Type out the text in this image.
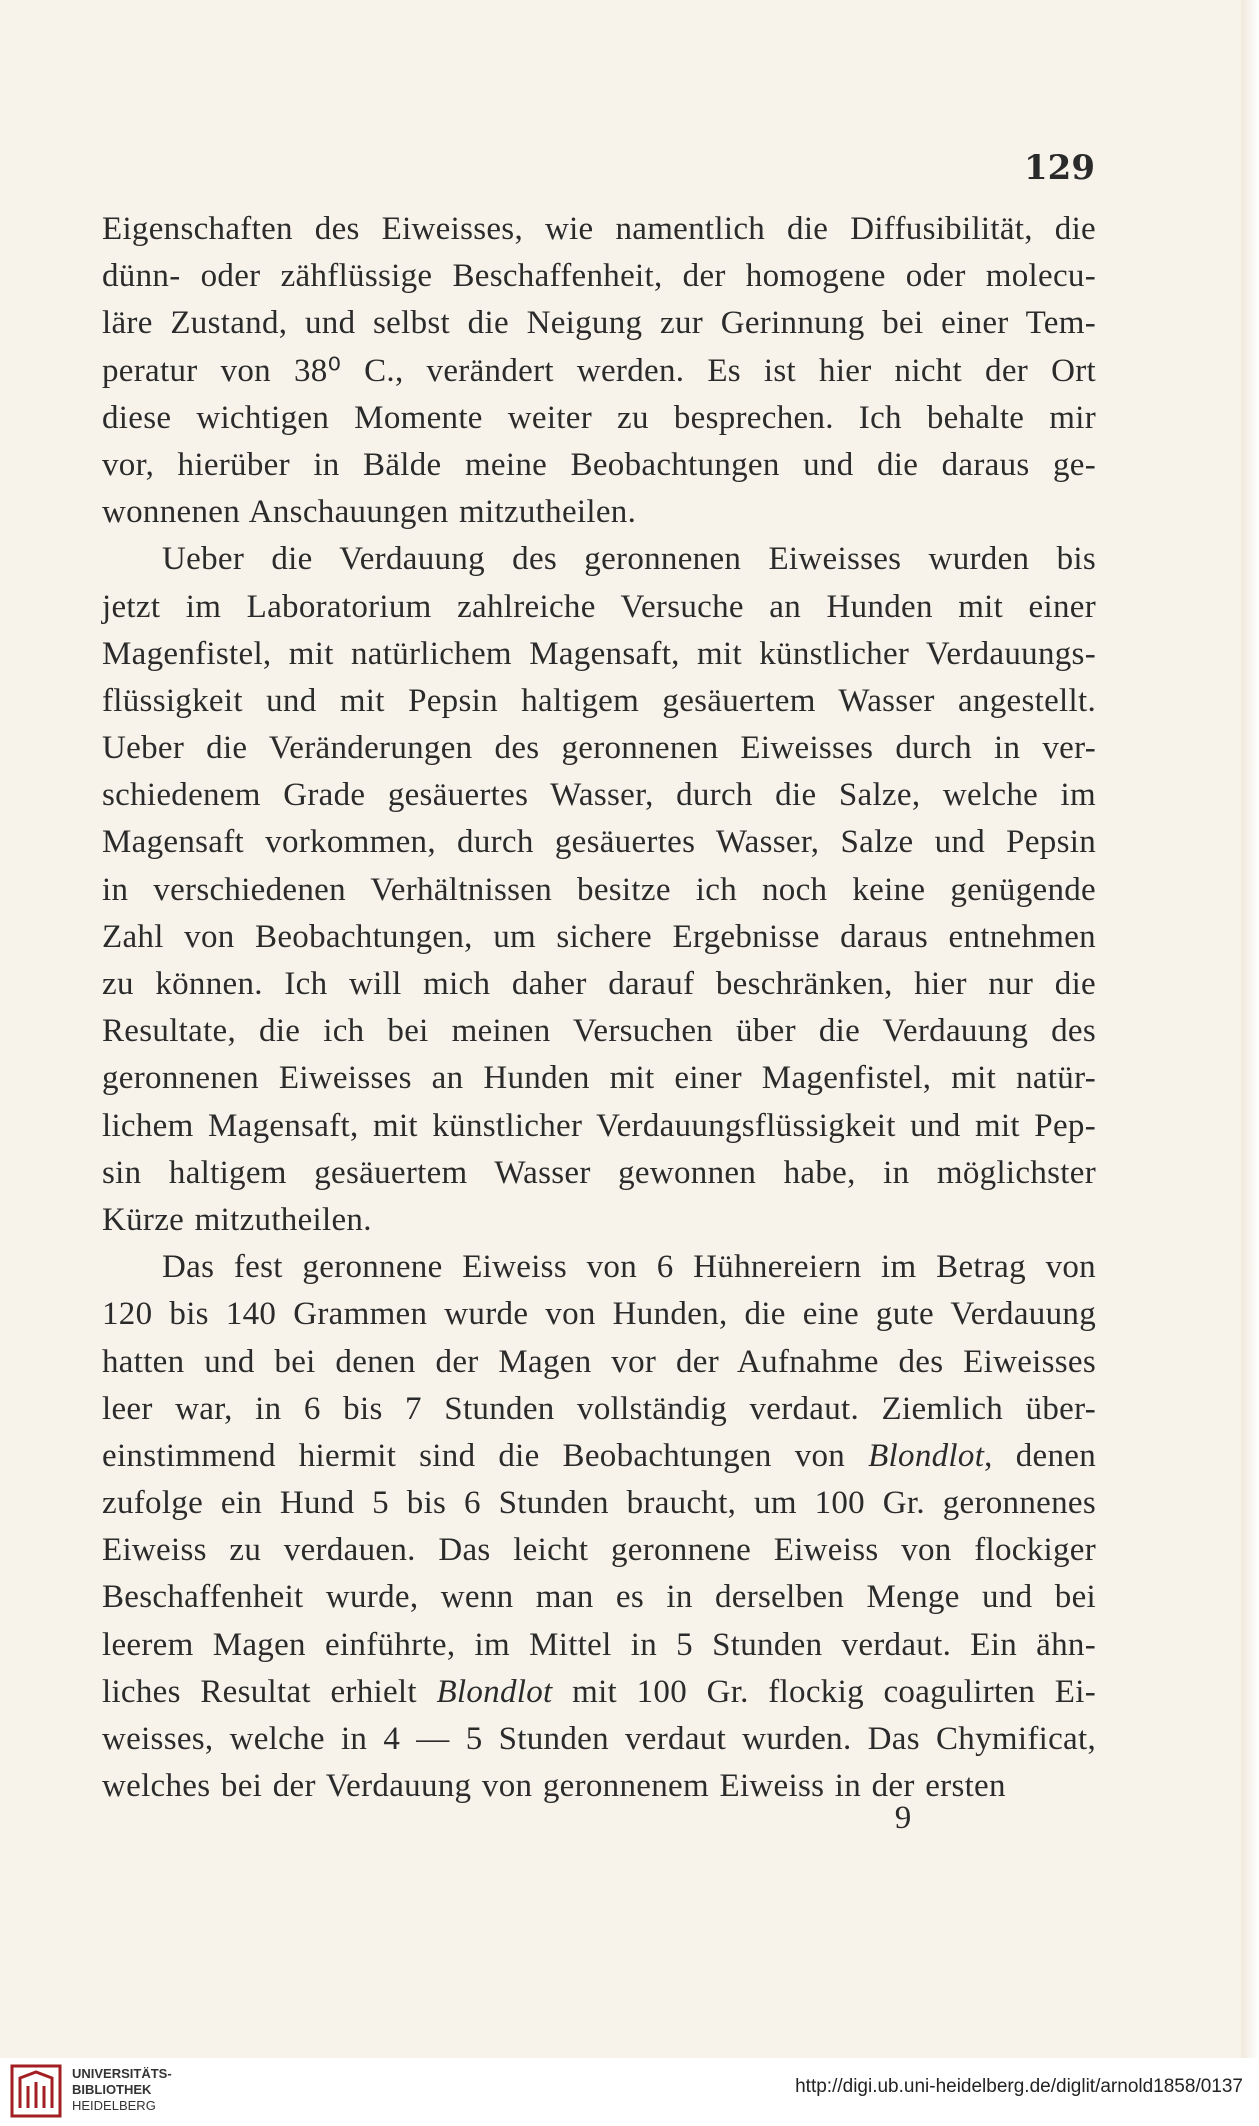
129
Eigenschaften des Eiweisses, wie namentlich die Diffusibilität, die
dünn- oder zähflüssige Beschaffenheit, der homogene oder molecu-
läre Zustand, und selbst die Neigung zur Gerinnung bei einer Tem-
peratur von 38⁰ C., verändert werden. Es ist hier nicht der Ort
diese wichtigen Momente weiter zu besprechen. Ich behalte mir
vor, hierüber in Bälde meine Beobachtungen und die daraus ge-
wonnenen Anschauungen mitzutheilen.
Ueber die Verdauung des geronnenen Eiweisses wurden bis
jetzt im Laboratorium zahlreiche Versuche an Hunden mit einer
Magenfistel, mit natürlichem Magensaft, mit künstlicher Verdauungs-
flüssigkeit und mit Pepsin haltigem gesäuertem Wasser angestellt.
Ueber die Veränderungen des geronnenen Eiweisses durch in ver-
schiedenem Grade gesäuertes Wasser, durch die Salze, welche im
Magensaft vorkommen, durch gesäuertes Wasser, Salze und Pepsin
in verschiedenen Verhältnissen besitze ich noch keine genügende
Zahl von Beobachtungen, um sichere Ergebnisse daraus entnehmen
zu können. Ich will mich daher darauf beschränken, hier nur die
Resultate, die ich bei meinen Versuchen über die Verdauung des
geronnenen Eiweisses an Hunden mit einer Magenfistel, mit natür-
lichem Magensaft, mit künstlicher Verdauungsflüssigkeit und mit Pep-
sin haltigem gesäuertem Wasser gewonnen habe, in möglichster
Kürze mitzutheilen.
Das fest geronnene Eiweiss von 6 Hühnereiern im Betrag von
120 bis 140 Grammen wurde von Hunden, die eine gute Verdauung
hatten und bei denen der Magen vor der Aufnahme des Eiweisses
leer war, in 6 bis 7 Stunden vollständig verdaut. Ziemlich über-
einstimmend hiermit sind die Beobachtungen von Blondlot, denen
zufolge ein Hund 5 bis 6 Stunden braucht, um 100 Gr. geronnenes
Eiweiss zu verdauen. Das leicht geronnene Eiweiss von flockiger
Beschaffenheit wurde, wenn man es in derselben Menge und bei
leerem Magen einführte, im Mittel in 5 Stunden verdaut. Ein ähn-
liches Resultat erhielt Blondlot mit 100 Gr. flockig coagulirten Ei-
weisses, welche in 4 — 5 Stunden verdaut wurden. Das Chymificat,
welches bei der Verdauung von geronnenem Eiweiss in der ersten
9
UNIVERSITÄTS-
BIBLIOTHEK
HEIDELBERG
http://digi.ub.uni-heidelberg.de/diglit/arnold1858/0137
